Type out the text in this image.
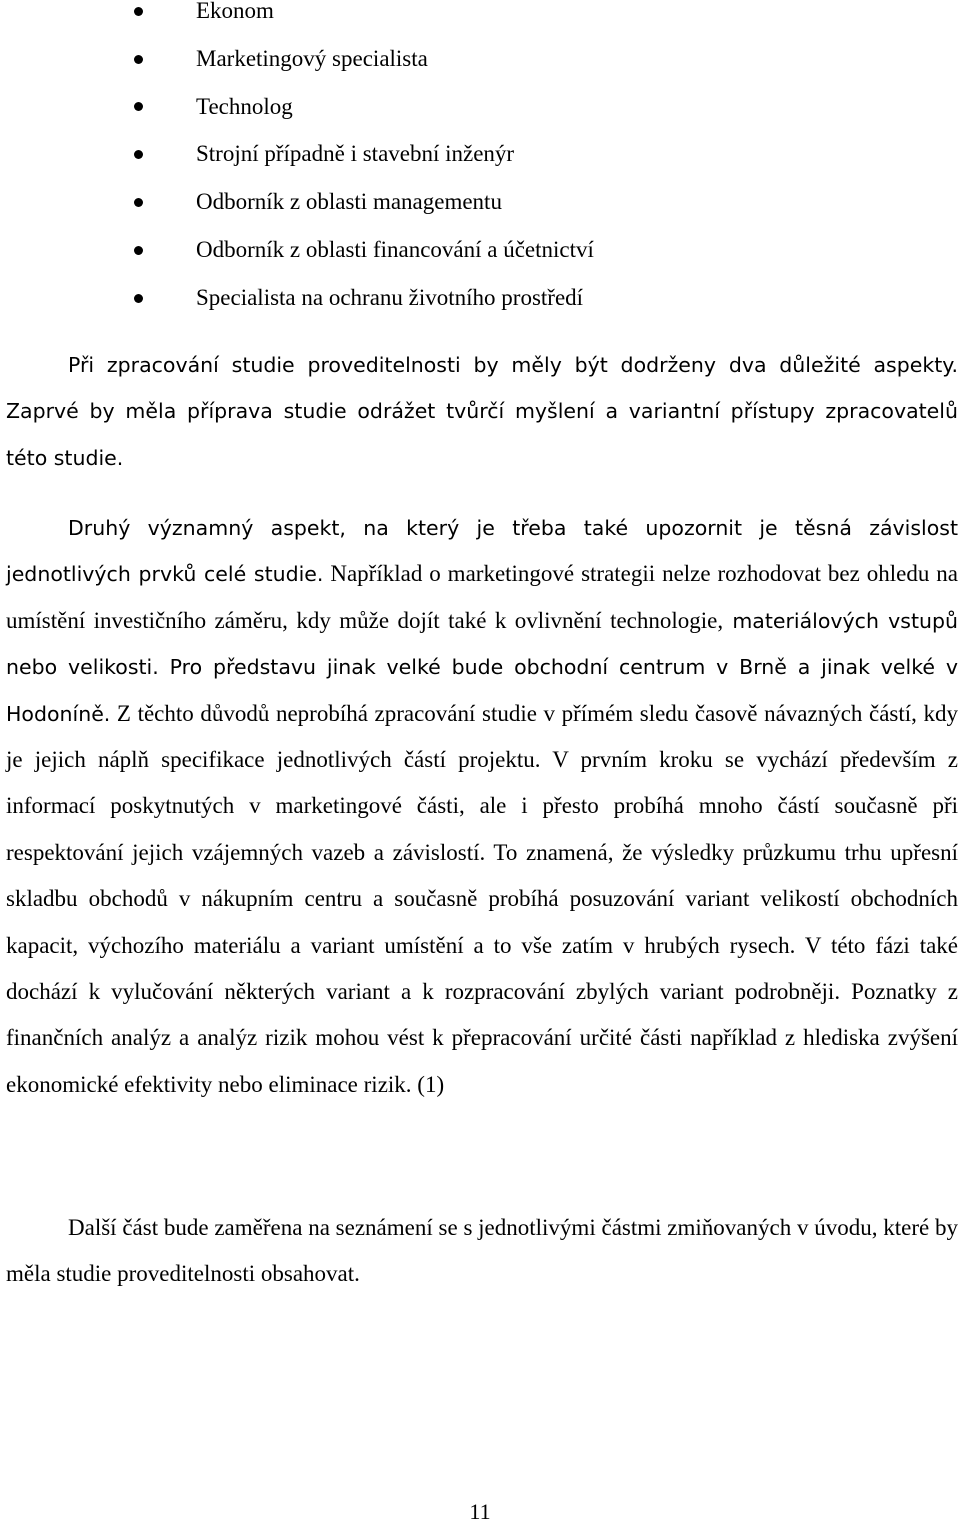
Ekonom
Marketingový specialista
Technolog
Strojní případně i stavební inženýr
Odborník z oblasti managementu
Odborník z oblasti financování a účetnictví
Specialista na ochranu životního prostředí

Při zpracování studie proveditelnosti by měly být dodrženy dva důležité aspekty. Zaprvé by měla příprava studie odrážet tvůrčí myšlení a variantní přístupy zpracovatelů této studie.

Druhý významný aspekt, na který je třeba také upozornit je těsná závislost jednotlivých prvků celé studie. Například o marketingové strategii nelze rozhodovat bez ohledu na umístění investičního záměru, kdy může dojít také k ovlivnění technologie, materiálových vstupů nebo velikosti. Pro představu jinak velké bude obchodní centrum v Brně a jinak velké v Hodoníně. Z těchto důvodů neprobíhá zpracování studie v přímém sledu časově návazných částí, kdy je jejich náplň specifikace jednotlivých částí projektu. V prvním kroku se vychází především z informací poskytnutých v marketingové části, ale i přesto probíhá mnoho částí současně při respektování jejich vzájemných vazeb a závislostí. To znamená, že výsledky průzkumu trhu upřesní skladbu obchodů v nákupním centru a současně probíhá posuzování variant velikostí obchodních kapacit, výchozího materiálu a variant umístění a to vše zatím v hrubých rysech. V této fázi také dochází k vylučování některých variant a k rozpracování zbylých variant podrobněji. Poznatky z finančních analýz a analýz rizik mohou vést k přepracování určité části například z hlediska zvýšení ekonomické efektivity nebo eliminace rizik. (1)

Další část bude zaměřena na seznámení se s jednotlivými částmi zmiňovaných v úvodu, které by měla studie proveditelnosti obsahovat.

11
